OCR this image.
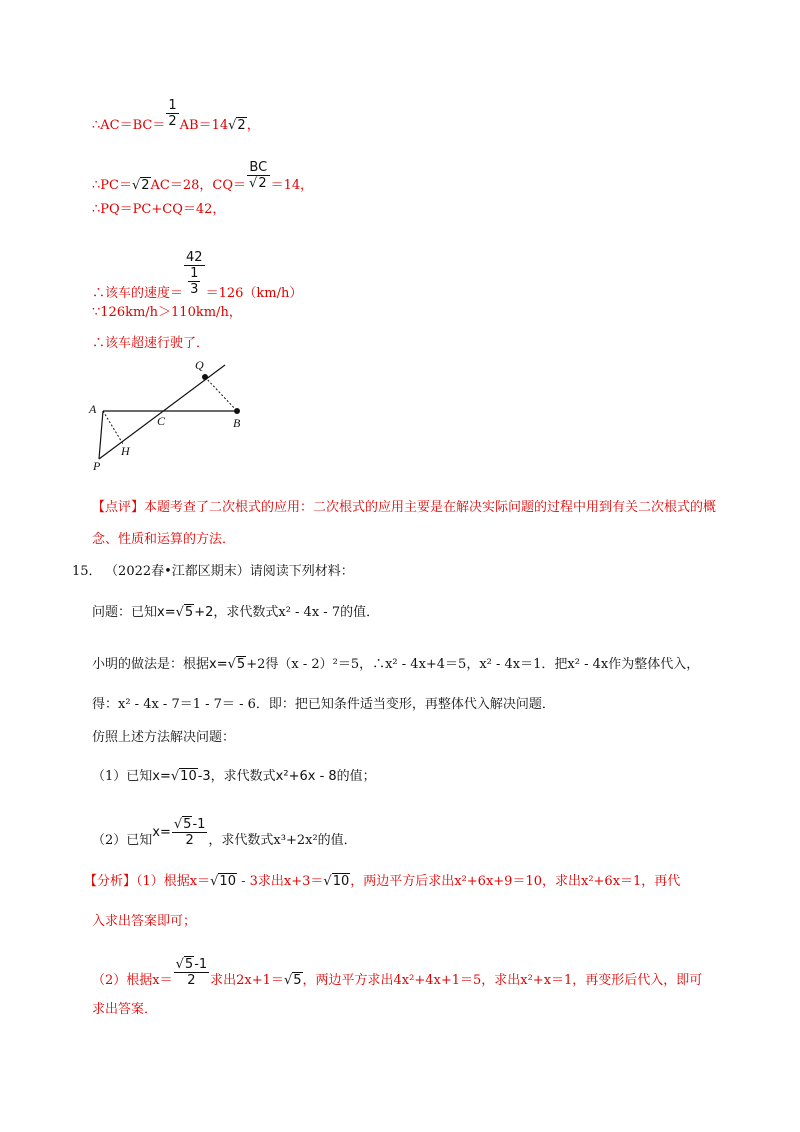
∴AC＝BC＝ $\frac{1}{2} AB=14√2$，
∴PC＝√2AC＝28，$CQ= \frac{BC}{√2} =14$，
∴PQ＝PC+CQ＝42，
∴该车的速度＝ $\frac{42}{\frac{1}{3}} =126(km/h)$
∵126km/h＞110km/h，
∴该车超速行驶了．
Q
A
C	B
H
P
【点评】本题考查了二次根式的应用：二次根式的应用主要是在解决实际问题的过程中用到有关二次根式的概念、性质和运算的方法．
15． （2022春•江都区期末）请阅读下列材料：
问题：已知x=√5+2，求代数式x² - 4x - 7的值．
小明的做法是：根据x=√5+2得（x - 2）²＝5，∴x² - 4x+4＝5，x² - 4x＝1．把x² - 4x作为整体代入，
得：x² - 4x - 7＝1 - 7＝ - 6．即：把已知条件适当变形，再整体代入解决问题．
仿照上述方法解决问题：
（1）已知x=√10-3，求代数式x²+6x - 8的值；
（2）已知$x= \frac{√5-1}{2}$ ，求代数式x³+2x²的值．
【分析】（1）根据x＝√10 - 3求出x+3＝√10，两边平方后求出x²+6x+9＝10，求出x²+6x＝1，再代
入求出答案即可；
（2）根据$x= \frac{√5-1}{2}$ 求出2x+1＝√5，两边平方求出4x²+4x+1＝5，求出x²+x＝1，再变形后代入，即可
求出答案．
